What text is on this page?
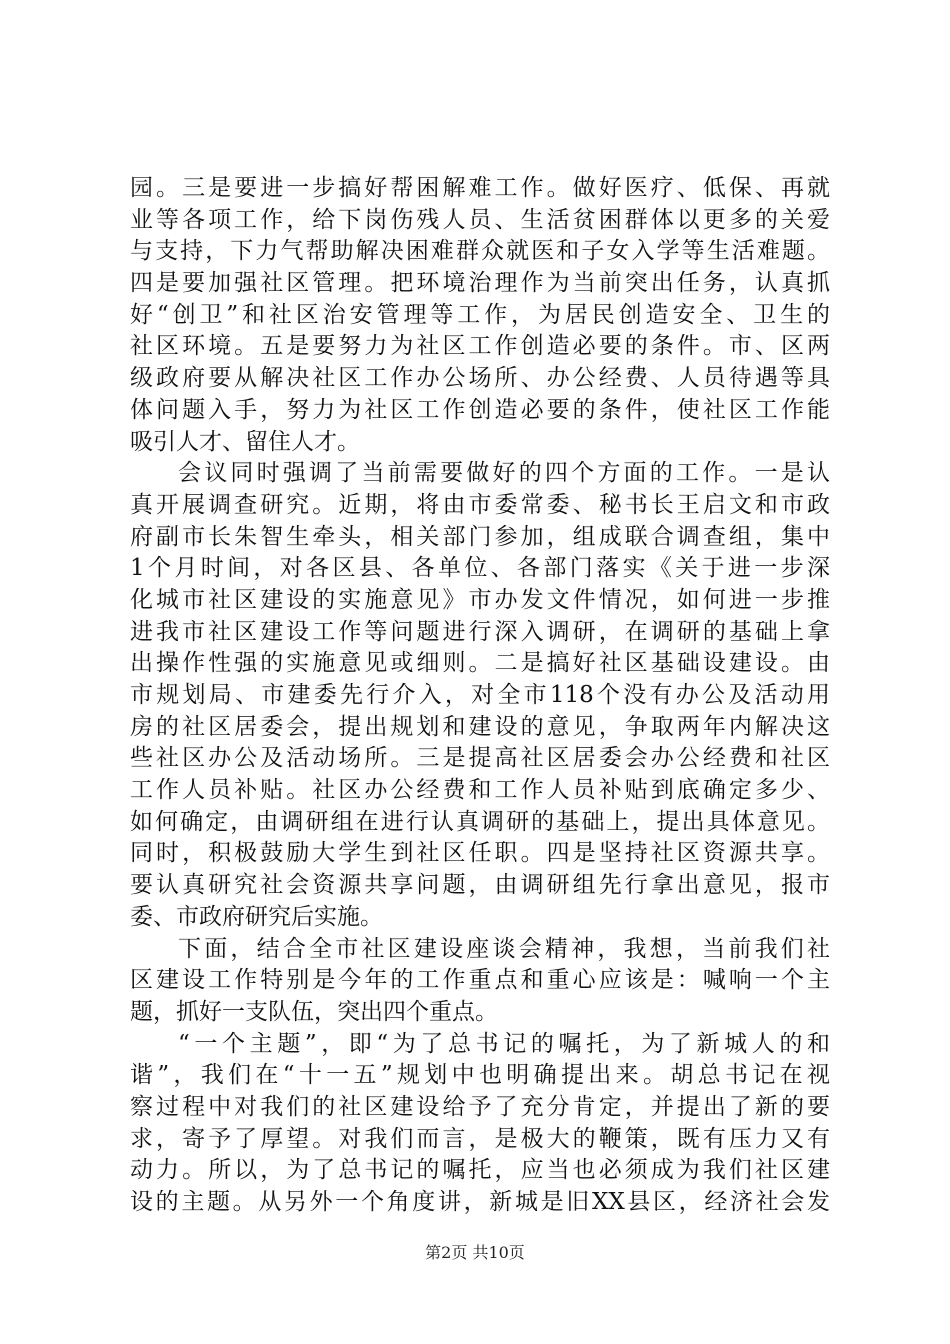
园。三是要进一步搞好帮困解难工作。做好医疗、低保、再就
业等各项工作，给下岗伤残人员、生活贫困群体以更多的关爱
与支持，下力气帮助解决困难群众就医和子女入学等生活难题。
四是要加强社区管理。把环境治理作为当前突出任务，认真抓
好“创卫”和社区治安管理等工作，为居民创造安全、卫生的
社区环境。五是要努力为社区工作创造必要的条件。市、区两
级政府要从解决社区工作办公场所、办公经费、人员待遇等具
体问题入手，努力为社区工作创造必要的条件，使社区工作能
吸引人才、留住人才。
会议同时强调了当前需要做好的四个方面的工作。一是认
真开展调查研究。近期，将由市委常委、秘书长王启文和市政
府副市长朱智生牵头，相关部门参加，组成联合调查组，集中
1个月时间，对各区县、各单位、各部门落实《关于进一步深
化城市社区建设的实施意见》市办发文件情况，如何进一步推
进我市社区建设工作等问题进行深入调研，在调研的基础上拿
出操作性强的实施意见或细则。二是搞好社区基础设建设。由
市规划局、市建委先行介入，对全市118个没有办公及活动用
房的社区居委会，提出规划和建设的意见，争取两年内解决这
些社区办公及活动场所。三是提高社区居委会办公经费和社区
工作人员补贴。社区办公经费和工作人员补贴到底确定多少、
如何确定，由调研组在进行认真调研的基础上，提出具体意见。
同时，积极鼓励大学生到社区任职。四是坚持社区资源共享。
要认真研究社会资源共享问题，由调研组先行拿出意见，报市
委、市政府研究后实施。
下面，结合全市社区建设座谈会精神，我想，当前我们社
区建设工作特别是今年的工作重点和重心应该是：喊响一个主
题，抓好一支队伍，突出四个重点。
“一个主题”，即“为了总书记的嘱托，为了新城人的和
谐”，我们在“十一五”规划中也明确提出来。胡总书记在视
察过程中对我们的社区建设给予了充分肯定，并提出了新的要
求，寄予了厚望。对我们而言，是极大的鞭策，既有压力又有
动力。所以，为了总书记的嘱托，应当也必须成为我们社区建
设的主题。从另外一个角度讲，新城是旧XX县区，经济社会发
第2页 共10页
